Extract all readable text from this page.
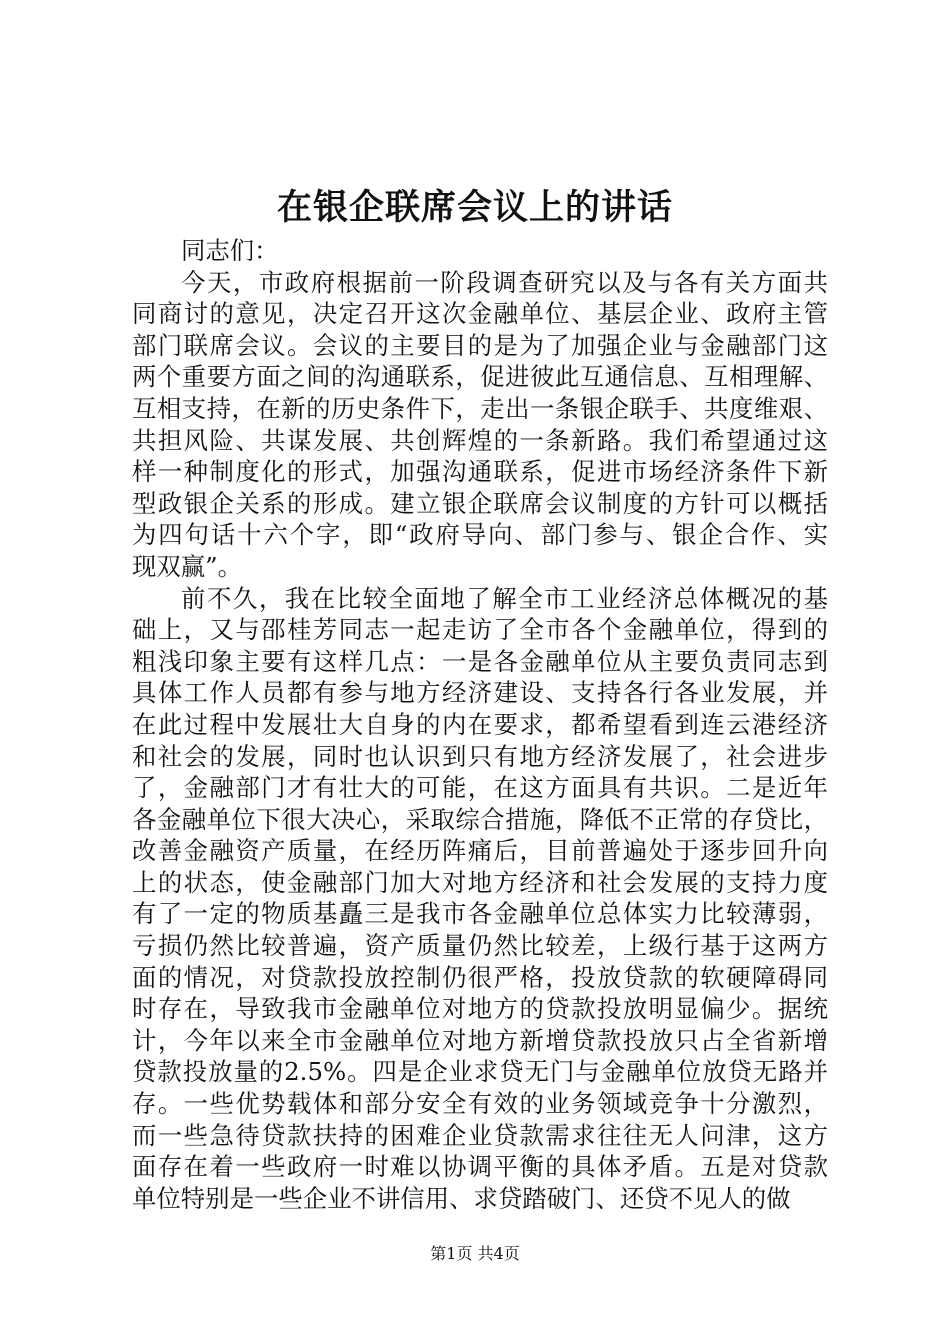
在银企联席会议上的讲话
同志们：
今天，市政府根据前一阶段调查研究以及与各有关方面共
同商讨的意见，决定召开这次金融单位、基层企业、政府主管
部门联席会议。会议的主要目的是为了加强企业与金融部门这
两个重要方面之间的沟通联系，促进彼此互通信息、互相理解、
互相支持，在新的历史条件下，走出一条银企联手、共度维艰、
共担风险、共谋发展、共创辉煌的一条新路。我们希望通过这
样一种制度化的形式，加强沟通联系，促进市场经济条件下新
型政银企关系的形成。建立银企联席会议制度的方针可以概括
为四句话十六个字，即“政府导向、部门参与、银企合作、实
现双赢”。
前不久，我在比较全面地了解全市工业经济总体概况的基
础上，又与邵桂芳同志一起走访了全市各个金融单位，得到的
粗浅印象主要有这样几点：一是各金融单位从主要负责同志到
具体工作人员都有参与地方经济建设、支持各行各业发展，并
在此过程中发展壮大自身的内在要求，都希望看到连云港经济
和社会的发展，同时也认识到只有地方经济发展了，社会进步
了，金融部门才有壮大的可能，在这方面具有共识。二是近年
各金融单位下很大决心，采取综合措施，降低不正常的存贷比，
改善金融资产质量，在经历阵痛后，目前普遍处于逐步回升向
上的状态，使金融部门加大对地方经济和社会发展的支持力度
有了一定的物质基矗三是我市各金融单位总体实力比较薄弱，
亏损仍然比较普遍，资产质量仍然比较差，上级行基于这两方
面的情况，对贷款投放控制仍很严格，投放贷款的软硬障碍同
时存在，导致我市金融单位对地方的贷款投放明显偏少。据统
计，今年以来全市金融单位对地方新增贷款投放只占全省新增
贷款投放量的2.5%。四是企业求贷无门与金融单位放贷无路并
存。一些优势载体和部分安全有效的业务领域竞争十分激烈，
而一些急待贷款扶持的困难企业贷款需求往往无人问津，这方
面存在着一些政府一时难以协调平衡的具体矛盾。五是对贷款
单位特别是一些企业不讲信用、求贷踏破门、还贷不见人的做
第1页 共4页
